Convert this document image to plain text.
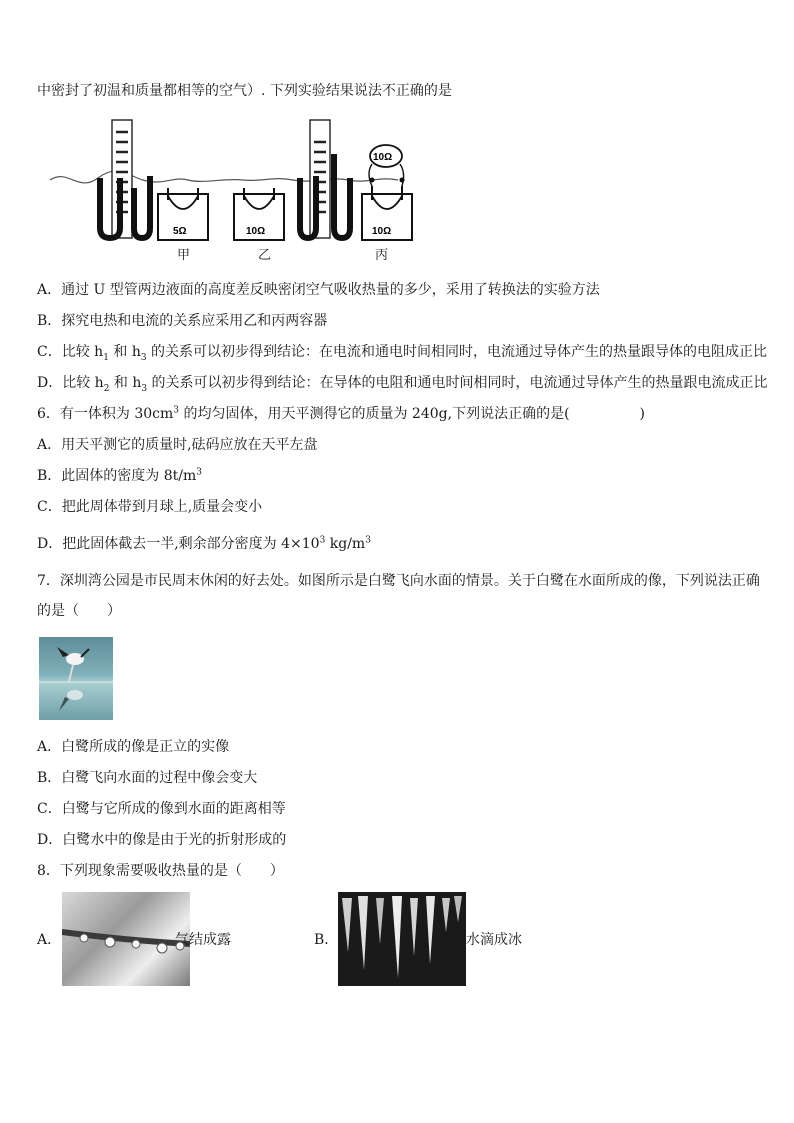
中密封了初温和质量都相等的空气）. 下列实验结果说法不正确的是
5Ω	10Ω	10Ω
10Ω
甲	乙	丙
A．通过 U 型管两边液面的高度差反映密闭空气吸收热量的多少，采用了转换法的实验方法
B．探究电热和电流的关系应采用乙和丙两容器
C．比较 $h_1$ 和 $h_3$ 的关系可以初步得到结论：在电流和通电时间相同时，电流通过导体产生的热量跟导体的电阻成正比
D．比较 $h_2$ 和 $h_3$ 的关系可以初步得到结论：在导体的电阻和通电时间相同时，电流通过导体产生的热量跟电流成正比
6．有一体积为 $30cm^3$ 的均匀固体，用天平测得它的质量为 240g,下列说法正确的是(　　　　　)
A．用天平测它的质量时,砝码应放在天平左盘
B．此固体的密度为 $8t/m^3$
C．把此周体带到月球上,质量会变小
D．把此固体截去一半,剩余部分密度为 $4\times 10^3$ $kg/m^3$
7．深圳湾公园是市民周末休闲的好去处。如图所示是白鹭飞向水面的情景。关于白鹭在水面所成的像，下列说法正确
的是（　　）
A．白鹭所成的像是正立的实像
B．白鹭飞向水面的过程中像会变大
C．白鹭与它所成的像到水面的距离相等
D．白鹭水中的像是由于光的折射形成的
8．下列现象需要吸收热量的是（　　）
A．	气结成露	B．	水滴成冰
